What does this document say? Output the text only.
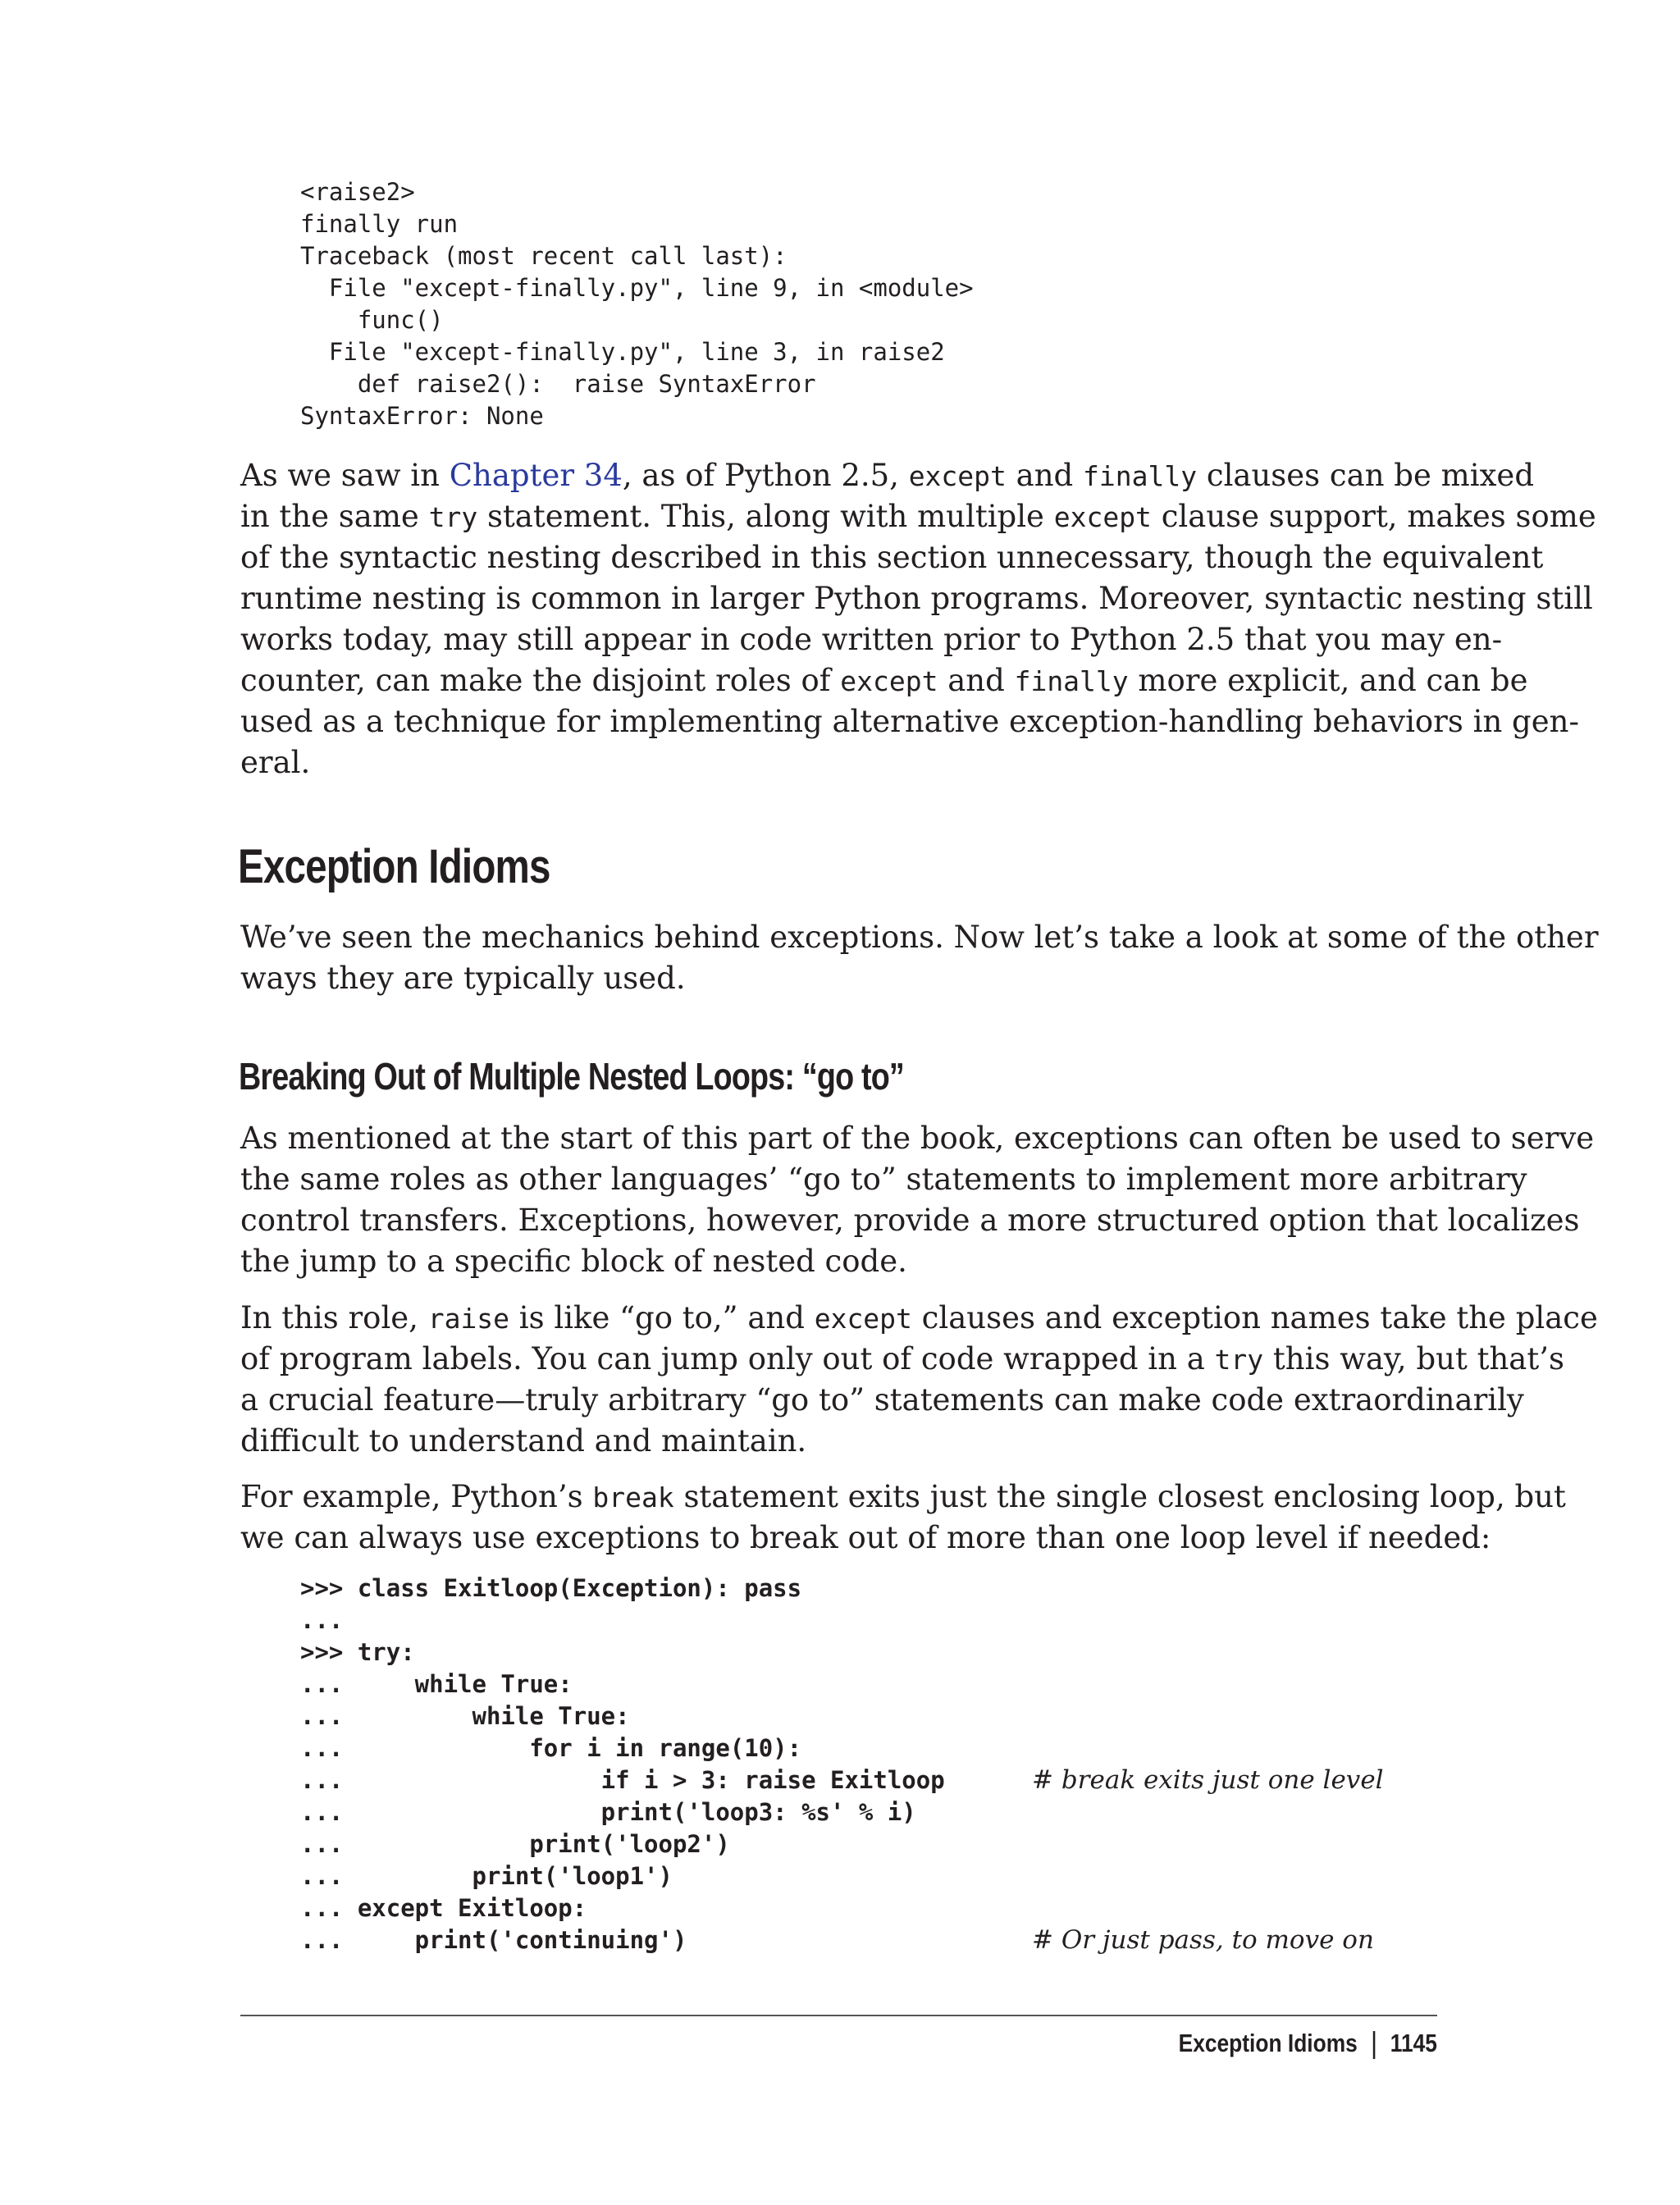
<raise2>
finally run
Traceback (most recent call last):
File "except-finally.py", line 9, in <module>
func()
File "except-finally.py", line 3, in raise2
def raise2():  raise SyntaxError
SyntaxError: None
As we saw in Chapter 34, as of Python 2.5, except and finally clauses can be mixed
in the same try statement. This, along with multiple except clause support, makes some
of the syntactic nesting described in this section unnecessary, though the equivalent
runtime nesting is common in larger Python programs. Moreover, syntactic nesting still
works today, may still appear in code written prior to Python 2.5 that you may en-
counter, can make the disjoint roles of except and finally more explicit, and can be
used as a technique for implementing alternative exception-handling behaviors in gen-
eral.
Exception Idioms
We’ve seen the mechanics behind exceptions. Now let’s take a look at some of the other
ways they are typically used.
Breaking Out of Multiple Nested Loops: “go to”
As mentioned at the start of this part of the book, exceptions can often be used to serve
the same roles as other languages’ “go to” statements to implement more arbitrary
control transfers. Exceptions, however, provide a more structured option that localizes
the jump to a specific block of nested code.
In this role, raise is like “go to,” and except clauses and exception names take the place
of program labels. You can jump only out of code wrapped in a try this way, but that’s
a crucial feature—truly arbitrary “go to” statements can make code extraordinarily
difficult to understand and maintain.
For example, Python’s break statement exits just the single closest enclosing loop, but
we can always use exceptions to break out of more than one loop level if needed:
>>> class Exitloop(Exception): pass
...
>>> try:
...     while True:
...         while True:
...             for i in range(10):
...                  if i > 3: raise Exitloop	# break exits just one level
...                  print('loop3: %s' % i)
...             print('loop2')
...         print('loop1')
... except Exitloop:
...     print('continuing')	# Or just pass, to move on
Exception Idioms 1145
